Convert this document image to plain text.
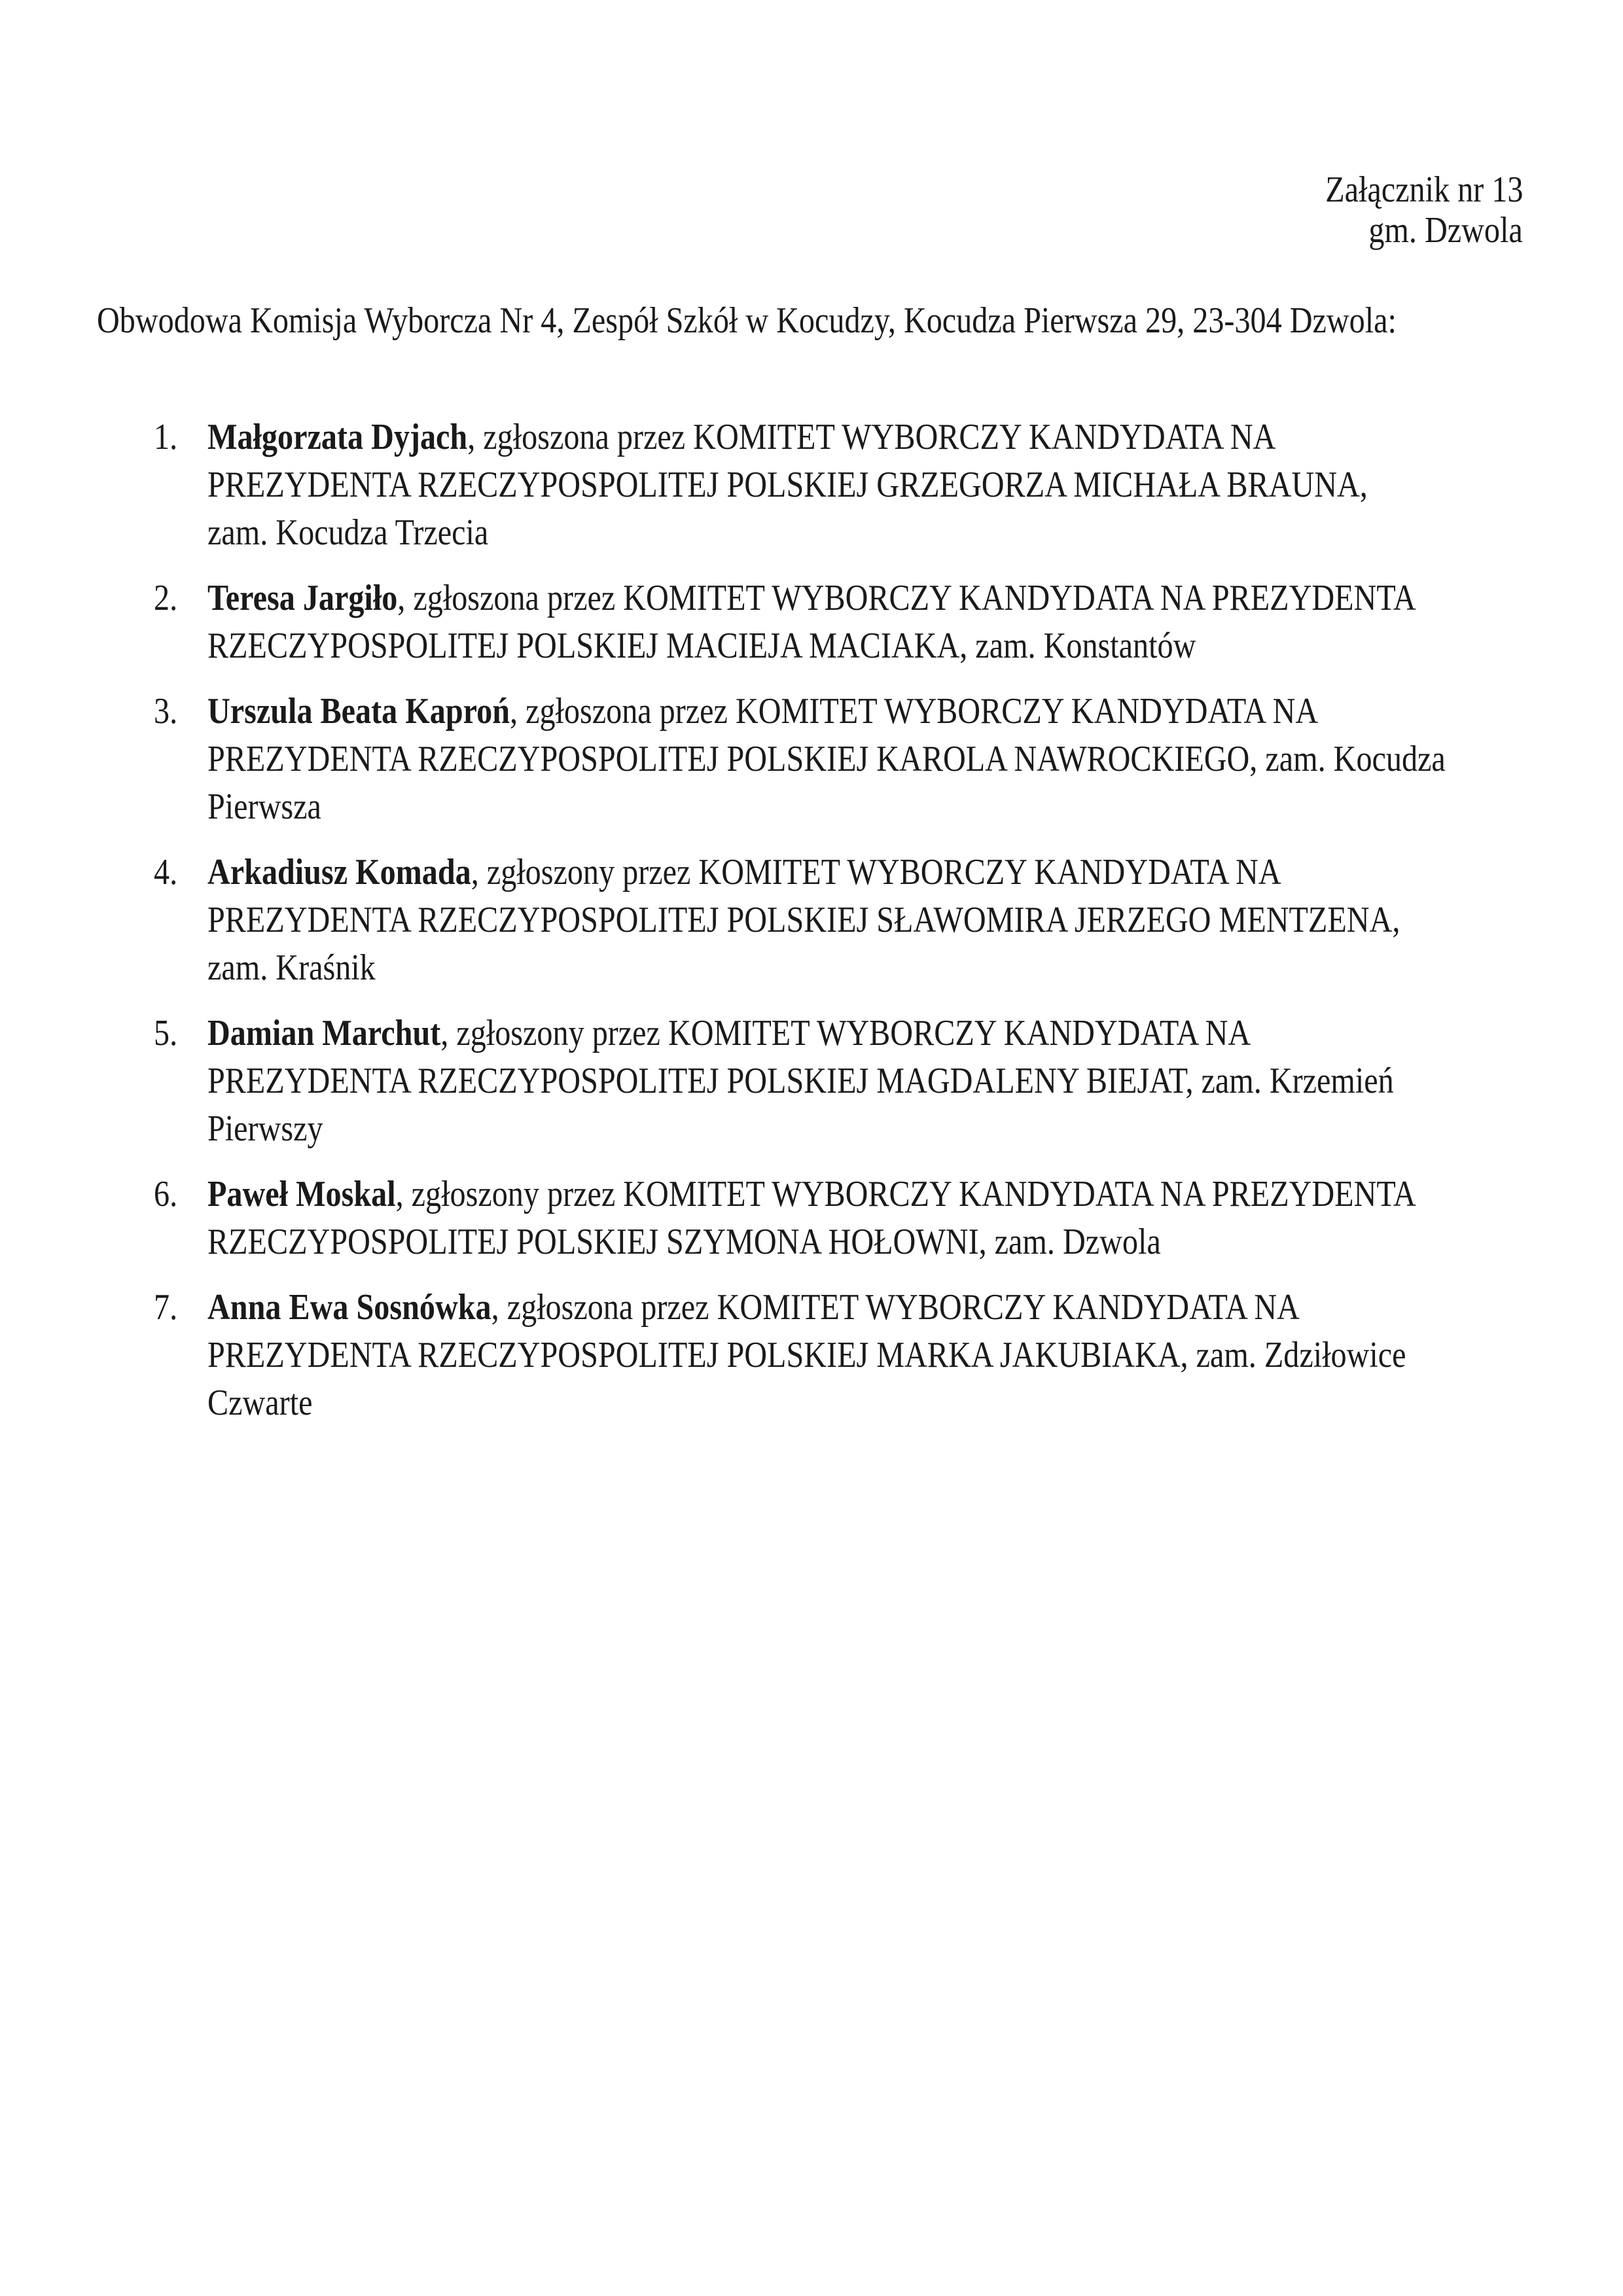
Załącznik nr 13
gm. Dzwola
Obwodowa Komisja Wyborcza Nr 4, Zespół Szkół w Kocudzy, Kocudza Pierwsza 29, 23-304 Dzwola:
1. Małgorzata Dyjach, zgłoszona przez KOMITET WYBORCZY KANDYDATA NA
PREZYDENTA RZECZYPOSPOLITEJ POLSKIEJ GRZEGORZA MICHAŁA BRAUNA,
zam. Kocudza Trzecia
2. Teresa Jargiło, zgłoszona przez KOMITET WYBORCZY KANDYDATA NA PREZYDENTA
RZECZYPOSPOLITEJ POLSKIEJ MACIEJA MACIAKA, zam. Konstantów
3. Urszula Beata Kaproń, zgłoszona przez KOMITET WYBORCZY KANDYDATA NA
PREZYDENTA RZECZYPOSPOLITEJ POLSKIEJ KAROLA NAWROCKIEGO, zam. Kocudza
Pierwsza
4. Arkadiusz Komada, zgłoszony przez KOMITET WYBORCZY KANDYDATA NA
PREZYDENTA RZECZYPOSPOLITEJ POLSKIEJ SŁAWOMIRA JERZEGO MENTZENA,
zam. Kraśnik
5. Damian Marchut, zgłoszony przez KOMITET WYBORCZY KANDYDATA NA
PREZYDENTA RZECZYPOSPOLITEJ POLSKIEJ MAGDALENY BIEJAT, zam. Krzemień
Pierwszy
6. Paweł Moskal, zgłoszony przez KOMITET WYBORCZY KANDYDATA NA PREZYDENTA
RZECZYPOSPOLITEJ POLSKIEJ SZYMONA HOŁOWNI, zam. Dzwola
7. Anna Ewa Sosnówka, zgłoszona przez KOMITET WYBORCZY KANDYDATA NA
PREZYDENTA RZECZYPOSPOLITEJ POLSKIEJ MARKA JAKUBIAKA, zam. Zdziłowice
Czwarte
